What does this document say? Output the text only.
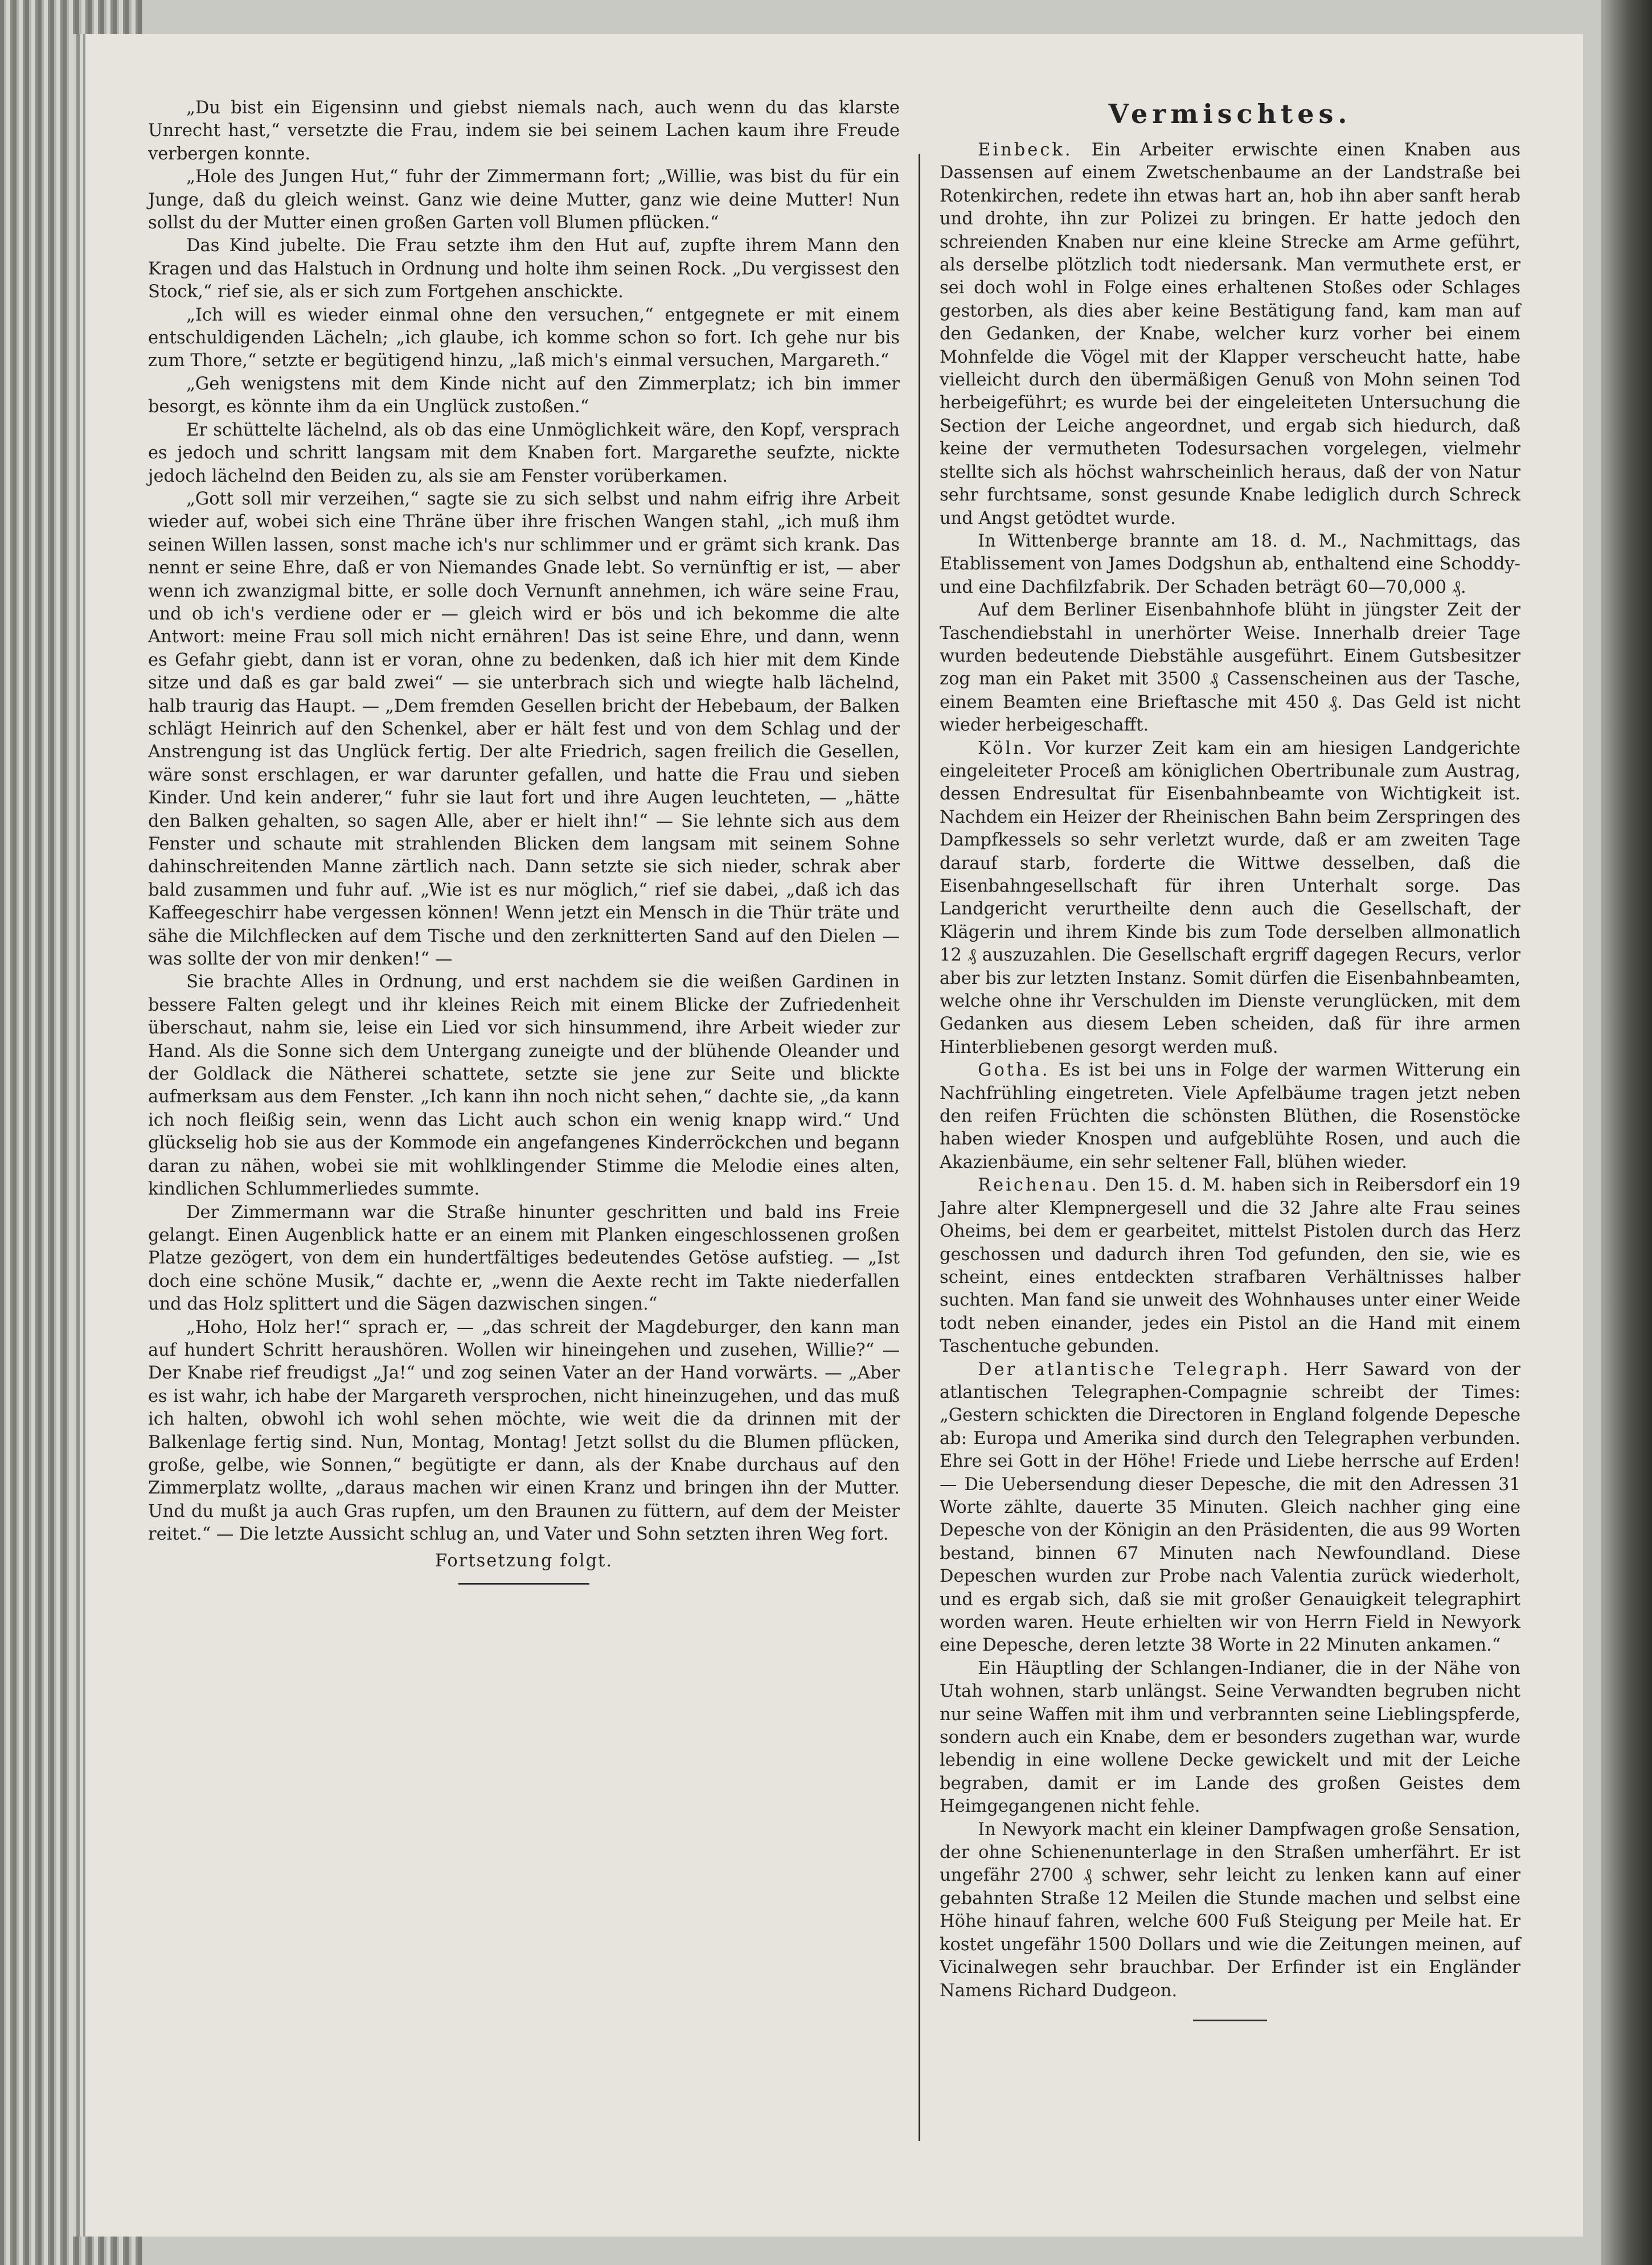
„Du bist ein Eigensinn und giebst niemals nach, auch wenn du das klarste Unrecht hast,“ versetzte die Frau, indem sie bei seinem Lachen kaum ihre Freude verbergen konnte.

„Hole des Jungen Hut,“ fuhr der Zimmermann fort; „Willie, was bist du für ein Junge, daß du gleich weinst. Ganz wie deine Mutter, ganz wie deine Mutter! Nun sollst du der Mutter einen großen Garten voll Blumen pflücken.“

Das Kind jubelte. Die Frau setzte ihm den Hut auf, zupfte ihrem Mann den Kragen und das Halstuch in Ordnung und holte ihm seinen Rock. „Du vergissest den Stock,“ rief sie, als er sich zum Fortgehen anschickte.

„Ich will es wieder einmal ohne den versuchen,“ entgegnete er mit einem entschuldigenden Lächeln; „ich glaube, ich komme schon so fort. Ich gehe nur bis zum Thore,“ setzte er begütigend hinzu, „laß mich's einmal versuchen, Margareth.“

„Geh wenigstens mit dem Kinde nicht auf den Zimmerplatz; ich bin immer besorgt, es könnte ihm da ein Unglück zustoßen.“

Er schüttelte lächelnd, als ob das eine Unmöglichkeit wäre, den Kopf, versprach es jedoch und schritt langsam mit dem Knaben fort. Margarethe seufzte, nickte jedoch lächelnd den Beiden zu, als sie am Fenster vorüberkamen.

„Gott soll mir verzeihen,“ sagte sie zu sich selbst und nahm eifrig ihre Arbeit wieder auf, wobei sich eine Thräne über ihre frischen Wangen stahl, „ich muß ihm seinen Willen lassen, sonst mache ich's nur schlimmer und er grämt sich krank. Das nennt er seine Ehre, daß er von Niemandes Gnade lebt. So vernünftig er ist, — aber wenn ich zwanzigmal bitte, er solle doch Vernunft annehmen, ich wäre seine Frau, und ob ich's verdiene oder er — gleich wird er bös und ich bekomme die alte Antwort: meine Frau soll mich nicht ernähren! Das ist seine Ehre, und dann, wenn es Gefahr giebt, dann ist er voran, ohne zu bedenken, daß ich hier mit dem Kinde sitze und daß es gar bald zwei“ — sie unterbrach sich und wiegte halb lächelnd, halb traurig das Haupt. — „Dem fremden Gesellen bricht der Hebebaum, der Balken schlägt Heinrich auf den Schenkel, aber er hält fest und von dem Schlag und der Anstrengung ist das Unglück fertig. Der alte Friedrich, sagen freilich die Gesellen, wäre sonst erschlagen, er war darunter gefallen, und hatte die Frau und sieben Kinder. Und kein anderer,“ fuhr sie laut fort und ihre Augen leuchteten, — „hätte den Balken gehalten, so sagen Alle, aber er hielt ihn!“ — Sie lehnte sich aus dem Fenster und schaute mit strahlenden Blicken dem langsam mit seinem Sohne dahinschreitenden Manne zärtlich nach. Dann setzte sie sich nieder, schrak aber bald zusammen und fuhr auf. „Wie ist es nur möglich,“ rief sie dabei, „daß ich das Kaffeegeschirr habe vergessen können! Wenn jetzt ein Mensch in die Thür träte und sähe die Milchflecken auf dem Tische und den zerknitterten Sand auf den Dielen — was sollte der von mir denken!“ —

Sie brachte Alles in Ordnung, und erst nachdem sie die weißen Gardinen in bessere Falten gelegt und ihr kleines Reich mit einem Blicke der Zufriedenheit überschaut, nahm sie, leise ein Lied vor sich hinsummend, ihre Arbeit wieder zur Hand. Als die Sonne sich dem Untergang zuneigte und der blühende Oleander und der Goldlack die Nätherei schattete, setzte sie jene zur Seite und blickte aufmerksam aus dem Fenster. „Ich kann ihn noch nicht sehen,“ dachte sie, „da kann ich noch fleißig sein, wenn das Licht auch schon ein wenig knapp wird.“ Und glückselig hob sie aus der Kommode ein angefangenes Kinderröckchen und begann daran zu nähen, wobei sie mit wohlklingender Stimme die Melodie eines alten, kindlichen Schlummerliedes summte.

Der Zimmermann war die Straße hinunter geschritten und bald ins Freie gelangt. Einen Augenblick hatte er an einem mit Planken eingeschlossenen großen Platze gezögert, von dem ein hundertfältiges bedeutendes Getöse aufstieg. — „Ist doch eine schöne Musik,“ dachte er, „wenn die Aexte recht im Takte niederfallen und das Holz splittert und die Sägen dazwischen singen.“

„Hoho, Holz her!“ sprach er, — „das schreit der Magdeburger, den kann man auf hundert Schritt heraushören. Wollen wir hineingehen und zusehen, Willie?“ — Der Knabe rief freudigst „Ja!“ und zog seinen Vater an der Hand vorwärts. — „Aber es ist wahr, ich habe der Margareth versprochen, nicht hineinzugehen, und das muß ich halten, obwohl ich wohl sehen möchte, wie weit die da drinnen mit der Balkenlage fertig sind. Nun, Montag, Montag! Jetzt sollst du die Blumen pflücken, große, gelbe, wie Sonnen,“ begütigte er dann, als der Knabe durchaus auf den Zimmerplatz wollte, „daraus machen wir einen Kranz und bringen ihn der Mutter. Und du mußt ja auch Gras rupfen, um den Braunen zu füttern, auf dem der Meister reitet.“ — Die letzte Aussicht schlug an, und Vater und Sohn setzten ihren Weg fort.

Fortsetzung folgt.
Vermischtes.

Einbeck. Ein Arbeiter erwischte einen Knaben aus Dassensen auf einem Zwetschenbaume an der Landstraße bei Rotenkirchen, redete ihn etwas hart an, hob ihn aber sanft herab und drohte, ihn zur Polizei zu bringen. Er hatte jedoch den schreienden Knaben nur eine kleine Strecke am Arme geführt, als derselbe plötzlich todt niedersank. Man vermuthete erst, er sei doch wohl in Folge eines erhaltenen Stoßes oder Schlages gestorben, als dies aber keine Bestätigung fand, kam man auf den Gedanken, der Knabe, welcher kurz vorher bei einem Mohnfelde die Vögel mit der Klapper verscheucht hatte, habe vielleicht durch den übermäßigen Genuß von Mohn seinen Tod herbeigeführt; es wurde bei der eingeleiteten Untersuchung die Section der Leiche angeordnet, und ergab sich hiedurch, daß keine der vermutheten Todesursachen vorgelegen, vielmehr stellte sich als höchst wahrscheinlich heraus, daß der von Natur sehr furchtsame, sonst gesunde Knabe lediglich durch Schreck und Angst getödtet wurde.

In Wittenberge brannte am 18. d. M., Nachmittags, das Etablissement von James Dodgshun ab, enthaltend eine Schoddy- und eine Dachfilzfabrik. Der Schaden beträgt 60—70,000 ₰.

Auf dem Berliner Eisenbahnhofe blüht in jüngster Zeit der Taschendiebstahl in unerhörter Weise. Innerhalb dreier Tage wurden bedeutende Diebstähle ausgeführt. Einem Gutsbesitzer zog man ein Paket mit 3500 ₰ Cassenscheinen aus der Tasche, einem Beamten eine Brieftasche mit 450 ₰. Das Geld ist nicht wieder herbeigeschafft.

Köln. Vor kurzer Zeit kam ein am hiesigen Landgerichte eingeleiteter Proceß am königlichen Obertribunale zum Austrag, dessen Endresultat für Eisenbahnbeamte von Wichtigkeit ist. Nachdem ein Heizer der Rheinischen Bahn beim Zerspringen des Dampfkessels so sehr verletzt wurde, daß er am zweiten Tage darauf starb, forderte die Wittwe desselben, daß die Eisenbahngesellschaft für ihren Unterhalt sorge. Das Landgericht verurtheilte denn auch die Gesellschaft, der Klägerin und ihrem Kinde bis zum Tode derselben allmonatlich 12 ₰ auszuzahlen. Die Gesellschaft ergriff dagegen Recurs, verlor aber bis zur letzten Instanz. Somit dürfen die Eisenbahnbeamten, welche ohne ihr Verschulden im Dienste verunglücken, mit dem Gedanken aus diesem Leben scheiden, daß für ihre armen Hinterbliebenen gesorgt werden muß.

Gotha. Es ist bei uns in Folge der warmen Witterung ein Nachfrühling eingetreten. Viele Apfelbäume tragen jetzt neben den reifen Früchten die schönsten Blüthen, die Rosenstöcke haben wieder Knospen und aufgeblühte Rosen, und auch die Akazienbäume, ein sehr seltener Fall, blühen wieder.

Reichenau. Den 15. d. M. haben sich in Reibersdorf ein 19 Jahre alter Klempnergesell und die 32 Jahre alte Frau seines Oheims, bei dem er gearbeitet, mittelst Pistolen durch das Herz geschossen und dadurch ihren Tod gefunden, den sie, wie es scheint, eines entdeckten strafbaren Verhältnisses halber suchten. Man fand sie unweit des Wohnhauses unter einer Weide todt neben einander, jedes ein Pistol an die Hand mit einem Taschentuche gebunden.

Der atlantische Telegraph. Herr Saward von der atlantischen Telegraphen-Compagnie schreibt der Times: „Gestern schickten die Directoren in England folgende Depesche ab: Europa und Amerika sind durch den Telegraphen verbunden. Ehre sei Gott in der Höhe! Friede und Liebe herrsche auf Erden! — Die Uebersendung dieser Depesche, die mit den Adressen 31 Worte zählte, dauerte 35 Minuten. Gleich nachher ging eine Depesche von der Königin an den Präsidenten, die aus 99 Worten bestand, binnen 67 Minuten nach Newfoundland. Diese Depeschen wurden zur Probe nach Valentia zurück wiederholt, und es ergab sich, daß sie mit großer Genauigkeit telegraphirt worden waren. Heute erhielten wir von Herrn Field in Newyork eine Depesche, deren letzte 38 Worte in 22 Minuten ankamen.“

Ein Häuptling der Schlangen-Indianer, die in der Nähe von Utah wohnen, starb unlängst. Seine Verwandten begruben nicht nur seine Waffen mit ihm und verbrannten seine Lieblingspferde, sondern auch ein Knabe, dem er besonders zugethan war, wurde lebendig in eine wollene Decke gewickelt und mit der Leiche begraben, damit er im Lande des großen Geistes dem Heimgegangenen nicht fehle.

In Newyork macht ein kleiner Dampfwagen große Sensation, der ohne Schienenunterlage in den Straßen umherfährt. Er ist ungefähr 2700 ₰ schwer, sehr leicht zu lenken kann auf einer gebahnten Straße 12 Meilen die Stunde machen und selbst eine Höhe hinauf fahren, welche 600 Fuß Steigung per Meile hat. Er kostet ungefähr 1500 Dollars und wie die Zeitungen meinen, auf Vicinalwegen sehr brauchbar. Der Erfinder ist ein Engländer Namens Richard Dudgeon.
